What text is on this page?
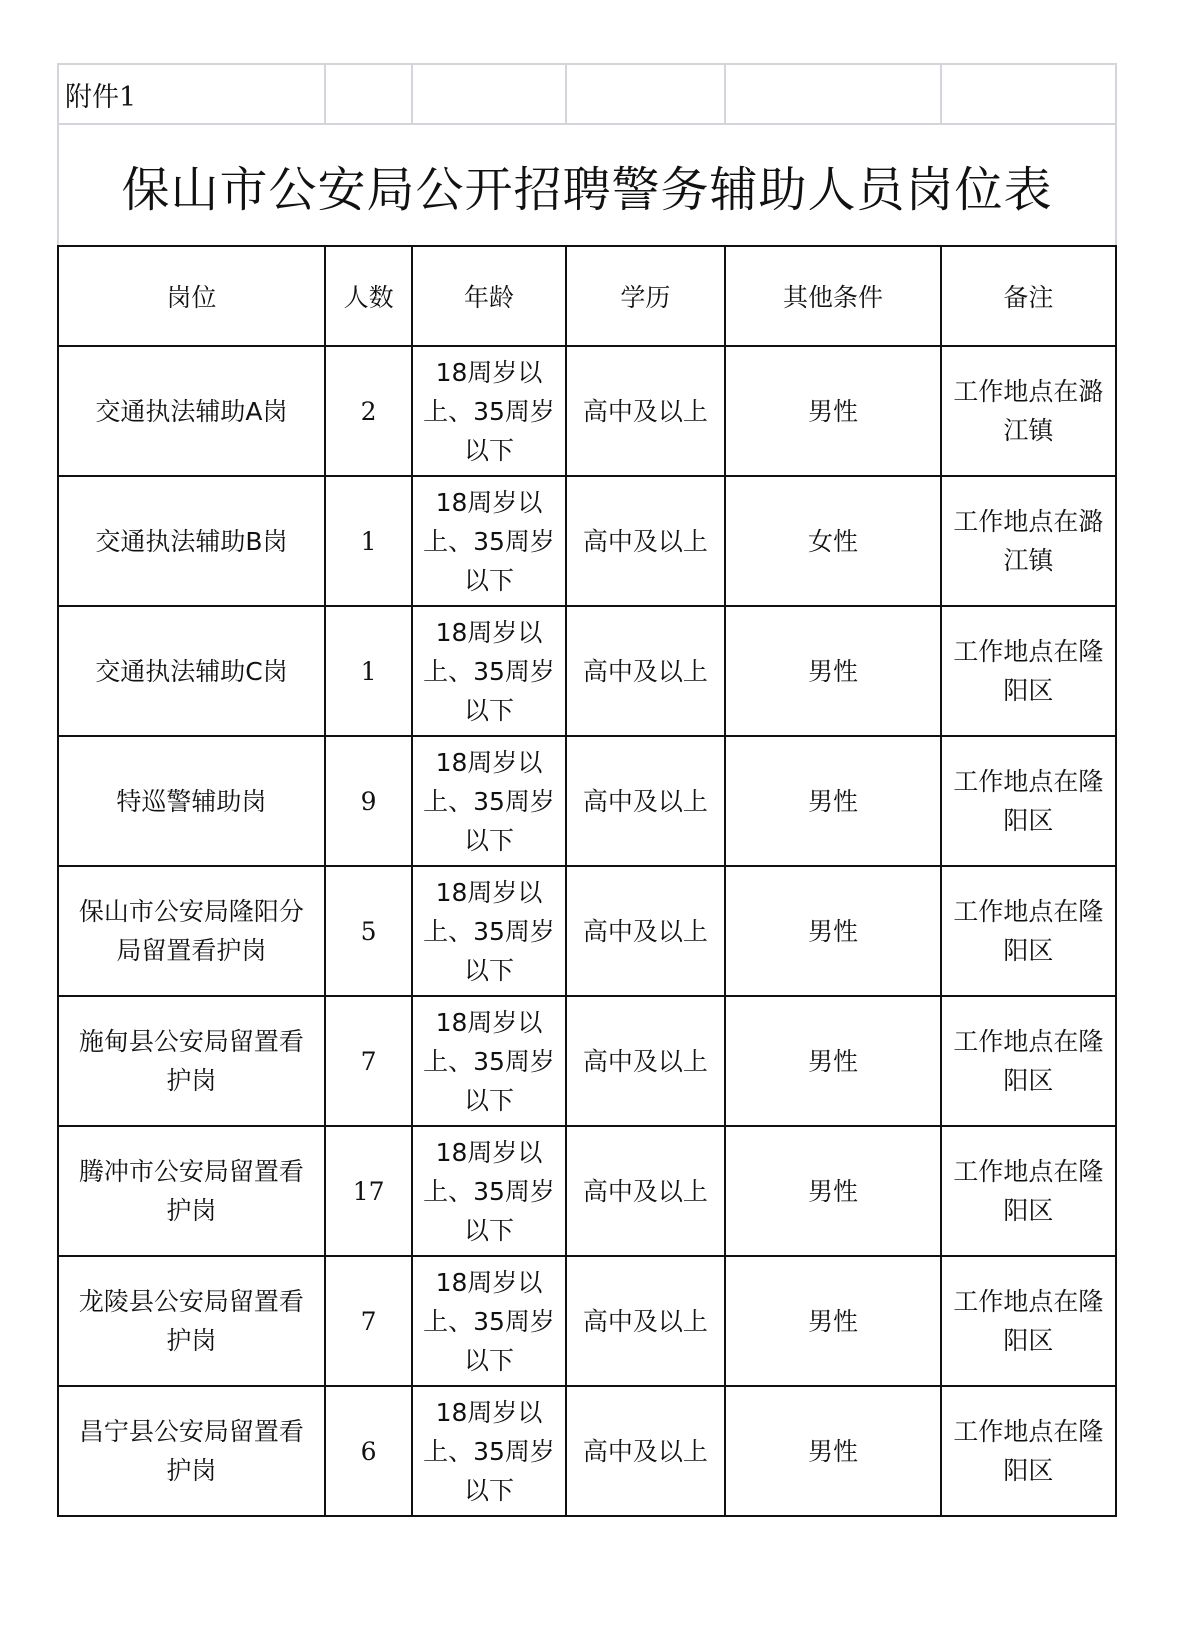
附件1					
保山市公安局公开招聘警务辅助人员岗位表					
岗位	人数	年龄	学历	其他条件	备注
交通执法辅助A岗	2	18周岁以上、35周岁以下	高中及以上	男性	工作地点在潞江镇
交通执法辅助B岗	1	18周岁以上、35周岁以下	高中及以上	女性	工作地点在潞江镇
交通执法辅助C岗	1	18周岁以上、35周岁以下	高中及以上	男性	工作地点在隆阳区
特巡警辅助岗	9	18周岁以上、35周岁以下	高中及以上	男性	工作地点在隆阳区
保山市公安局隆阳分局留置看护岗	5	18周岁以上、35周岁以下	高中及以上	男性	工作地点在隆阳区
施甸县公安局留置看护岗	7	18周岁以上、35周岁以下	高中及以上	男性	工作地点在隆阳区
腾冲市公安局留置看护岗	17	18周岁以上、35周岁以下	高中及以上	男性	工作地点在隆阳区
龙陵县公安局留置看护岗	7	18周岁以上、35周岁以下	高中及以上	男性	工作地点在隆阳区
昌宁县公安局留置看护岗	6	18周岁以上、35周岁以下	高中及以上	男性	工作地点在隆阳区
